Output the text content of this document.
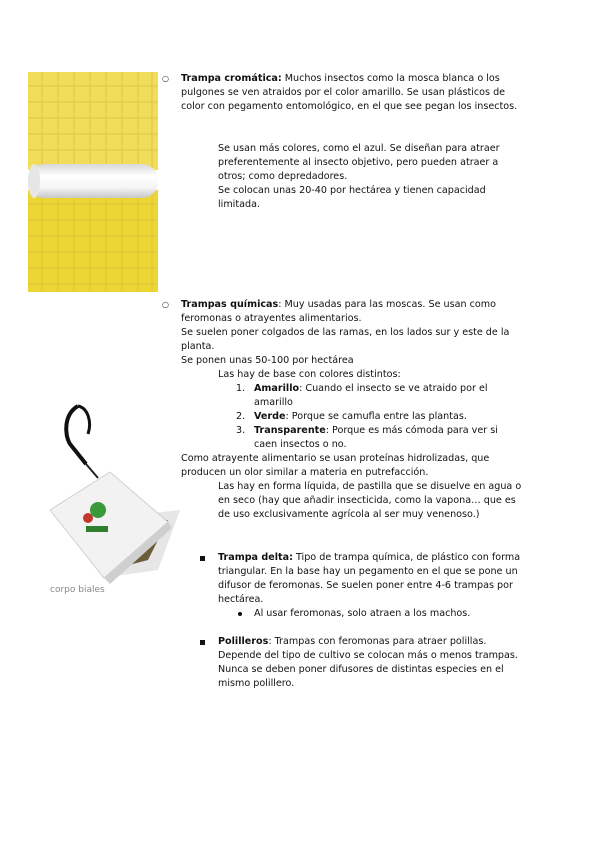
○ Trampa cromática: Muchos insectos como la mosca blanca o los pulgones se ven atraidos por el color amarillo. Se usan plásticos de color con pegamento entomológico, en el que see pegan los insectos.

Se usan más colores, como el azul. Se diseñan para atraer preferentemente al insecto objetivo, pero pueden atraer a otros; como depredadores.

Se colocan unas 20-40 por hectárea y tienen capacidad limitada.

○ Trampas químicas: Muy usadas para las moscas. Se usan como feromonas o atrayentes alimentarios.

Se suelen poner colgados de las ramas, en los lados sur y este de la planta.

Se ponen unas 50-100 por hectárea

Las hay de base con colores distintos:

1. Amarillo: Cuando el insecto se ve atraido por el amarillo

2. Verde: Porque se camufla entre las plantas.

3. Transparente: Porque es más cómoda para ver si caen insectos o no.

Como atrayente alimentario se usan proteínas hidrolizadas, que producen un olor similar a materia en putrefacción.

Las hay en forma líquida, de pastilla que se disuelve en agua o en seco (hay que añadir insecticida, como la vapona… que es de uso exclusivamente agrícola al ser muy venenoso.)

corpo biales

Trampa delta: Tipo de trampa química, de plástico con forma triangular. En la base hay un pegamento en el que se pone un difusor de feromonas. Se suelen poner entre 4-6 trampas por hectárea.

Al usar feromonas, solo atraen a los machos.

Polilleros: Trampas con feromonas para atraer polillas. Depende del tipo de cultivo se colocan más o menos trampas. Nunca se deben poner difusores de distintas especies en el mismo polillero.
